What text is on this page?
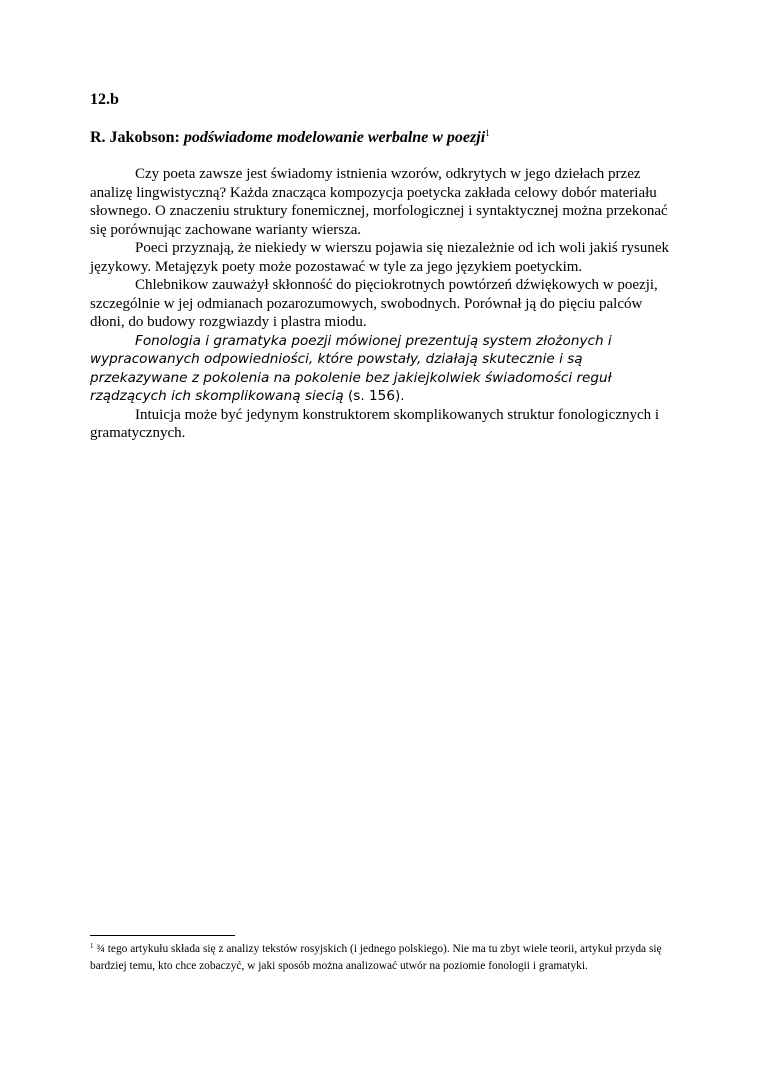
12.b
R. Jakobson: podświadome modelowanie werbalne w poezji$^1$

Czy poeta zawsze jest świadomy istnienia wzorów, odkrytych w jego dziełach przez analizę lingwistyczną? Każda znacząca kompozycja poetycka zakłada celowy dobór materiału słownego. O znaczeniu struktury fonemicznej, morfologicznej i syntaktycznej można przekonać się porównując zachowane warianty wiersza.

Poeci przyznają, że niekiedy w wierszu pojawia się niezależnie od ich woli jakiś rysunek językowy. Metajęzyk poety może pozostawać w tyle za jego językiem poetyckim.

Chlebnikow zauważył skłonność do pięciokrotnych powtórzeń dźwiękowych w poezji, szczególnie w jej odmianach pozarozumowych, swobodnych. Porównał ją do pięciu palców dłoni, do budowy rozgwiazdy i plastra miodu.

Fonologia i gramatyka poezji mówionej prezentują system złożonych i wypracowanych odpowiedniości, które powstały, działają skutecznie i są przekazywane z pokolenia na pokolenie bez jakiejkolwiek świadomości reguł rządzących ich skomplikowaną siecią (s. 156).

Intuicja może być jedynym konstruktorem skomplikowanych struktur fonologicznych i gramatycznych.

$^1$ ¾ tego artykułu składa się z analizy tekstów rosyjskich (i jednego polskiego). Nie ma tu zbyt wiele teorii, artykuł przyda się bardziej temu, kto chce zobaczyć, w jaki sposób można analizować utwór na poziomie fonologii i gramatyki.
